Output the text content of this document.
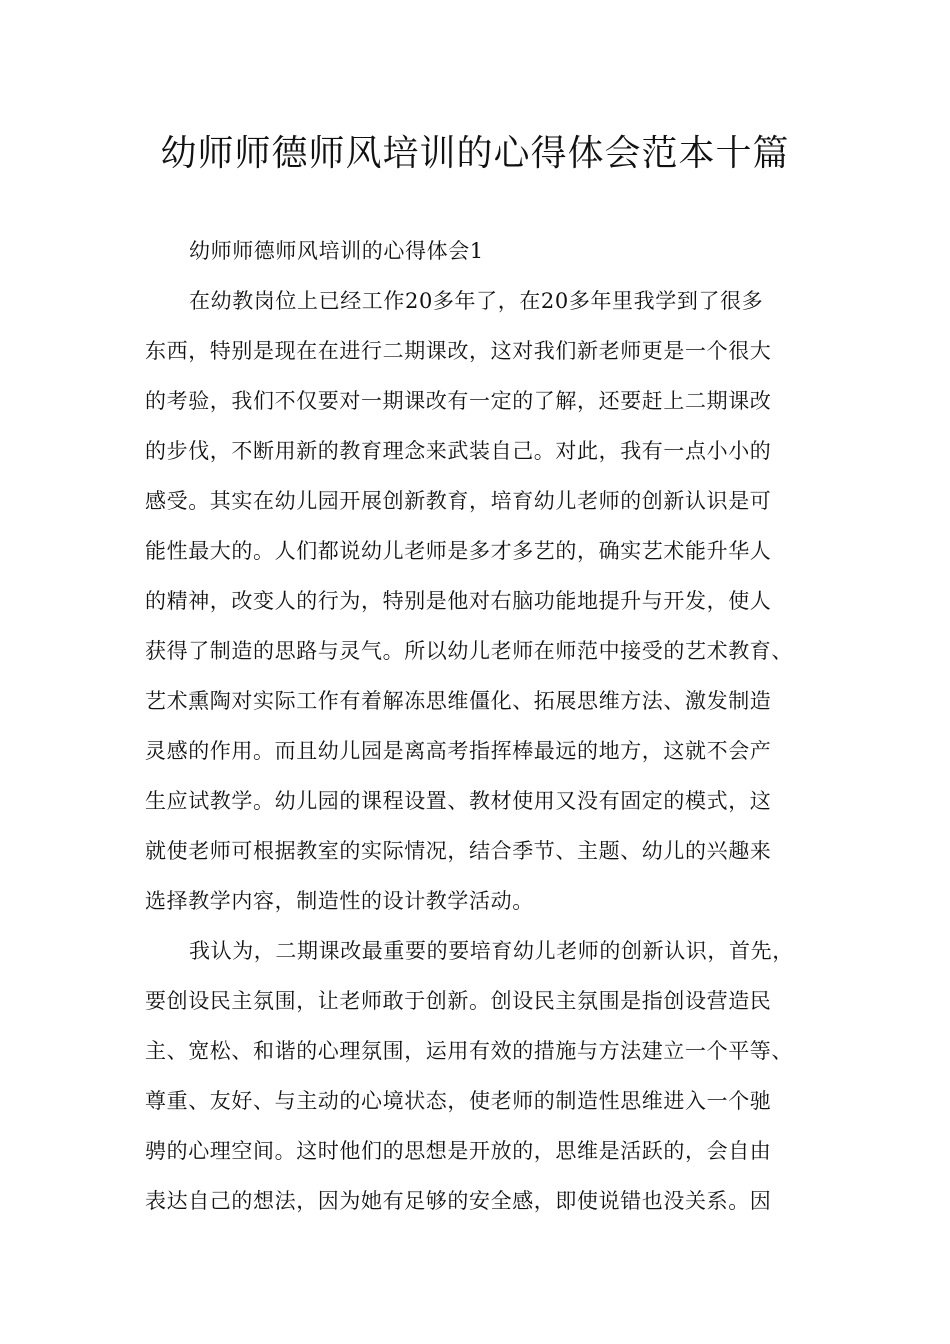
幼师师德师风培训的心得体会范本十篇
幼师师德师风培训的心得体会1
在幼教岗位上已经工作20多年了，在20多年里我学到了很多
东西，特别是现在在进行二期课改，这对我们新老师更是一个很大
的考验，我们不仅要对一期课改有一定的了解，还要赶上二期课改
的步伐，不断用新的教育理念来武装自己。对此，我有一点小小的
感受。其实在幼儿园开展创新教育，培育幼儿老师的创新认识是可
能性最大的。人们都说幼儿老师是多才多艺的，确实艺术能升华人
的精神，改变人的行为，特别是他对右脑功能地提升与开发，使人
获得了制造的思路与灵气。所以幼儿老师在师范中接受的艺术教育、
艺术熏陶对实际工作有着解冻思维僵化、拓展思维方法、激发制造
灵感的作用。而且幼儿园是离高考指挥棒最远的地方，这就不会产
生应试教学。幼儿园的课程设置、教材使用又没有固定的模式，这
就使老师可根据教室的实际情况，结合季节、主题、幼儿的兴趣来
选择教学内容，制造性的设计教学活动。
我认为，二期课改最重要的要培育幼儿老师的创新认识，首先，
要创设民主氛围，让老师敢于创新。创设民主氛围是指创设营造民
主、宽松、和谐的心理氛围，运用有效的措施与方法建立一个平等、
尊重、友好、与主动的心境状态，使老师的制造性思维进入一个驰
骋的心理空间。这时他们的思想是开放的，思维是活跃的，会自由
表达自己的想法，因为她有足够的安全感，即使说错也没关系。因
